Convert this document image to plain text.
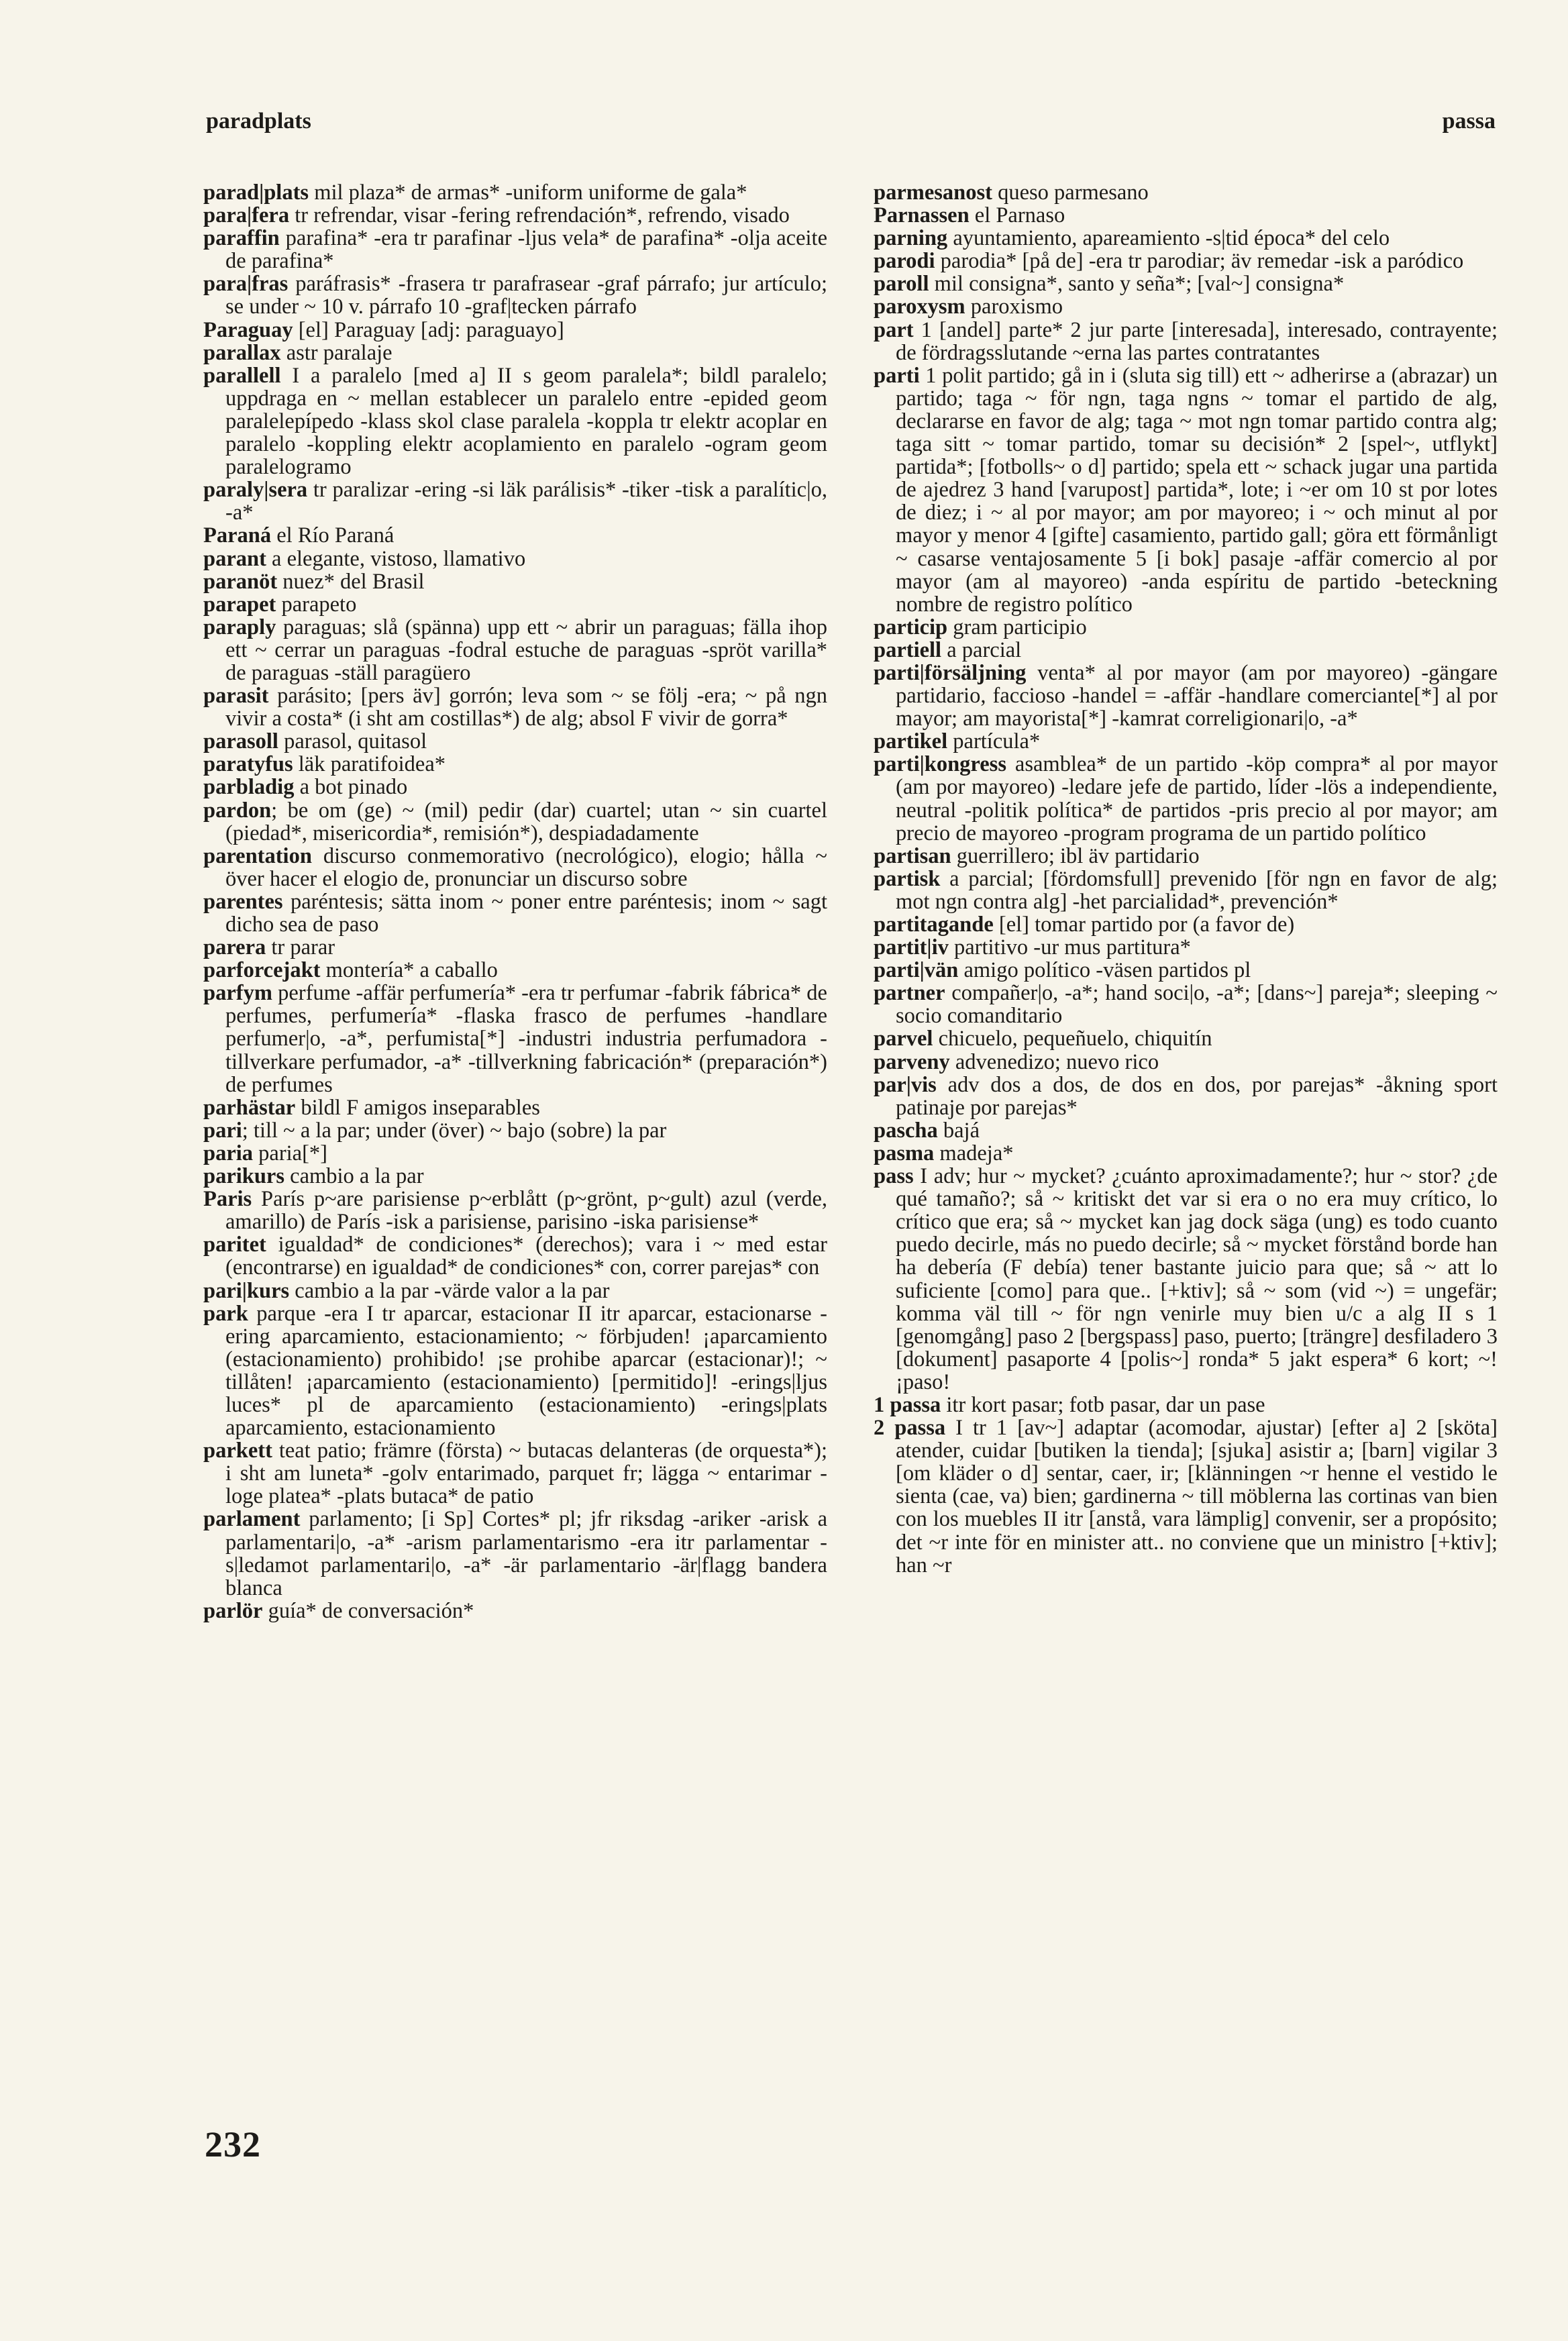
paradplats	passa

parad|plats mil plaza* de armas* -uniform uniforme de gala*

para|fera tr refrendar, visar -fering refrendación*, refrendo, visado

paraffin parafina* -era tr parafinar -ljus vela* de parafina* -olja aceite de parafina*

para|fras paráfrasis* -frasera tr parafrasear -graf párrafo; jur artículo; se under ~ 10 v. párrafo 10 -graf|tecken párrafo

Paraguay [el] Paraguay [adj: paraguayo]

parallax astr paralaje

parallell I a paralelo [med a] II s geom paralela*; bildl paralelo; uppdraga en ~ mellan establecer un paralelo entre -epided geom paralelepípedo -klass skol clase paralela -koppla tr elektr acoplar en paralelo -koppling elektr acoplamiento en paralelo -ogram geom paralelogramo

paraly|sera tr paralizar -ering -si läk parálisis* -tiker -tisk a paralític|o, -a*

Paraná el Río Paraná

parant a elegante, vistoso, llamativo

paranöt nuez* del Brasil

parapet parapeto

paraply paraguas; slå (spänna) upp ett ~ abrir un paraguas; fälla ihop ett ~ cerrar un paraguas -fodral estuche de paraguas -spröt varilla* de paraguas -ställ paragüero

parasit parásito; [pers äv] gorrón; leva som ~ se följ -era; ~ på ngn vivir a costa* (i sht am costillas*) de alg; absol F vivir de gorra*

parasoll parasol, quitasol

paratyfus läk paratifoidea*

parbladig a bot pinado

pardon; be om (ge) ~ (mil) pedir (dar) cuartel; utan ~ sin cuartel (piedad*, misericordia*, remisión*), despiadadamente

parentation discurso conmemorativo (necrológico), elogio; hålla ~ över hacer el elogio de, pronunciar un discurso sobre

parentes paréntesis; sätta inom ~ poner entre paréntesis; inom ~ sagt dicho sea de paso

parera tr parar

parforcejakt montería* a caballo

parfym perfume -affär perfumería* -era tr perfumar -fabrik fábrica* de perfumes, perfumería* -flaska frasco de perfumes -handlare perfumer|o, -a*, perfumista[*] -industri industria perfumadora -tillverkare perfumador, -a* -tillverkning fabricación* (preparación*) de perfumes

parhästar bildl F amigos inseparables

pari; till ~ a la par; under (över) ~ bajo (sobre) la par

paria paria[*]

parikurs cambio a la par

Paris París p~are parisiense p~erblått (p~grönt, p~gult) azul (verde, amarillo) de París -isk a parisiense, parisino -iska parisiense*

paritet igualdad* de condiciones* (derechos); vara i ~ med estar (encontrarse) en igualdad* de condiciones* con, correr parejas* con

pari|kurs cambio a la par -värde valor a la par

park parque -era I tr aparcar, estacionar II itr aparcar, estacionarse -ering aparcamiento, estacionamiento; ~ förbjuden! ¡aparcamiento (estacionamiento) prohibido! ¡se prohibe aparcar (estacionar)!; ~ tillåten! ¡aparcamiento (estacionamiento) [permitido]! -erings|ljus luces* pl de aparcamiento (estacionamiento) -erings|plats aparcamiento, estacionamiento

parkett teat patio; främre (första) ~ butacas delanteras (de orquesta*); i sht am luneta* -golv entarimado, parquet fr; lägga ~ entarimar -loge platea* -plats butaca* de patio

parlament parlamento; [i Sp] Cortes* pl; jfr riksdag -ariker -arisk a parlamentari|o, -a* -arism parlamentarismo -era itr parlamentar -s|ledamot parlamentari|o, -a* -är parlamentario -är|flagg bandera blanca

parlör guía* de conversación*

parmesanost queso parmesano

Parnassen el Parnaso

parning ayuntamiento, apareamiento -s|tid época* del celo

parodi parodia* [på de] -era tr parodiar; äv remedar -isk a paródico

paroll mil consigna*, santo y seña*; [val~] consigna*

paroxysm paroxismo

part 1 [andel] parte* 2 jur parte [interesada], interesado, contrayente; de fördragsslutande ~erna las partes contratantes

parti 1 polit partido; gå in i (sluta sig till) ett ~ adherirse a (abrazar) un partido; taga ~ för ngn, taga ngns ~ tomar el partido de alg, declararse en favor de alg; taga ~ mot ngn tomar partido contra alg; taga sitt ~ tomar partido, tomar su decisión* 2 [spel~, utflykt] partida*; [fotbolls~ o d] partido; spela ett ~ schack jugar una partida de ajedrez 3 hand [varupost] partida*, lote; i ~er om 10 st por lotes de diez; i ~ al por mayor; am por mayoreo; i ~ och minut al por mayor y menor 4 [gifte] casamiento, partido gall; göra ett förmånligt ~ casarse ventajosamente 5 [i bok] pasaje -affär comercio al por mayor (am al mayoreo) -anda espíritu de partido -beteckning nombre de registro político

particip gram participio

partiell a parcial

parti|försäljning venta* al por mayor (am por mayoreo) -gängare partidario, faccioso -handel = -affär -handlare comerciante[*] al por mayor; am mayorista[*] -kamrat correligionari|o, -a*

partikel partícula*

parti|kongress asamblea* de un partido -köp compra* al por mayor (am por mayoreo) -ledare jefe de partido, líder -lös a independiente, neutral -politik política* de partidos -pris precio al por mayor; am precio de mayoreo -program programa de un partido político

partisan guerrillero; ibl äv partidario

partisk a parcial; [fördomsfull] prevenido [för ngn en favor de alg; mot ngn contra alg] -het parcialidad*, prevención*

partitagande [el] tomar partido por (a favor de)

partit|iv partitivo -ur mus partitura*

parti|vän amigo político -väsen partidos pl

partner compañer|o, -a*; hand soci|o, -a*; [dans~] pareja*; sleeping ~ socio comanditario

parvel chicuelo, pequeñuelo, chiquitín

parveny advenedizo; nuevo rico

par|vis adv dos a dos, de dos en dos, por parejas* -åkning sport patinaje por parejas*

pascha bajá

pasma madeja*

pass I adv; hur ~ mycket? ¿cuánto aproximadamente?; hur ~ stor? ¿de qué tamaño?; så ~ kritiskt det var si era o no era muy crítico, lo crítico que era; så ~ mycket kan jag dock säga (ung) es todo cuanto puedo decirle, más no puedo decirle; så ~ mycket förstånd borde han ha debería (F debía) tener bastante juicio para que; så ~ att lo suficiente [como] para que.. [+ktiv]; så ~ som (vid ~) = ungefär; komma väl till ~ för ngn venirle muy bien u/c a alg II s 1 [genomgång] paso 2 [bergspass] paso, puerto; [trängre] desfiladero 3 [dokument] pasaporte 4 [polis~] ronda* 5 jakt espera* 6 kort; ~! ¡paso!

1 passa itr kort pasar; fotb pasar, dar un pase

2 passa I tr 1 [av~] adaptar (acomodar, ajustar) [efter a] 2 [sköta] atender, cuidar [butiken la tienda]; [sjuka] asistir a; [barn] vigilar 3 [om kläder o d] sentar, caer, ir; [klänningen ~r henne el vestido le sienta (cae, va) bien; gardinerna ~ till möblerna las cortinas van bien con los muebles II itr [anstå, vara lämplig] convenir, ser a propósito; det ~r inte för en minister att.. no conviene que un ministro [+ktiv]; han ~r

232
